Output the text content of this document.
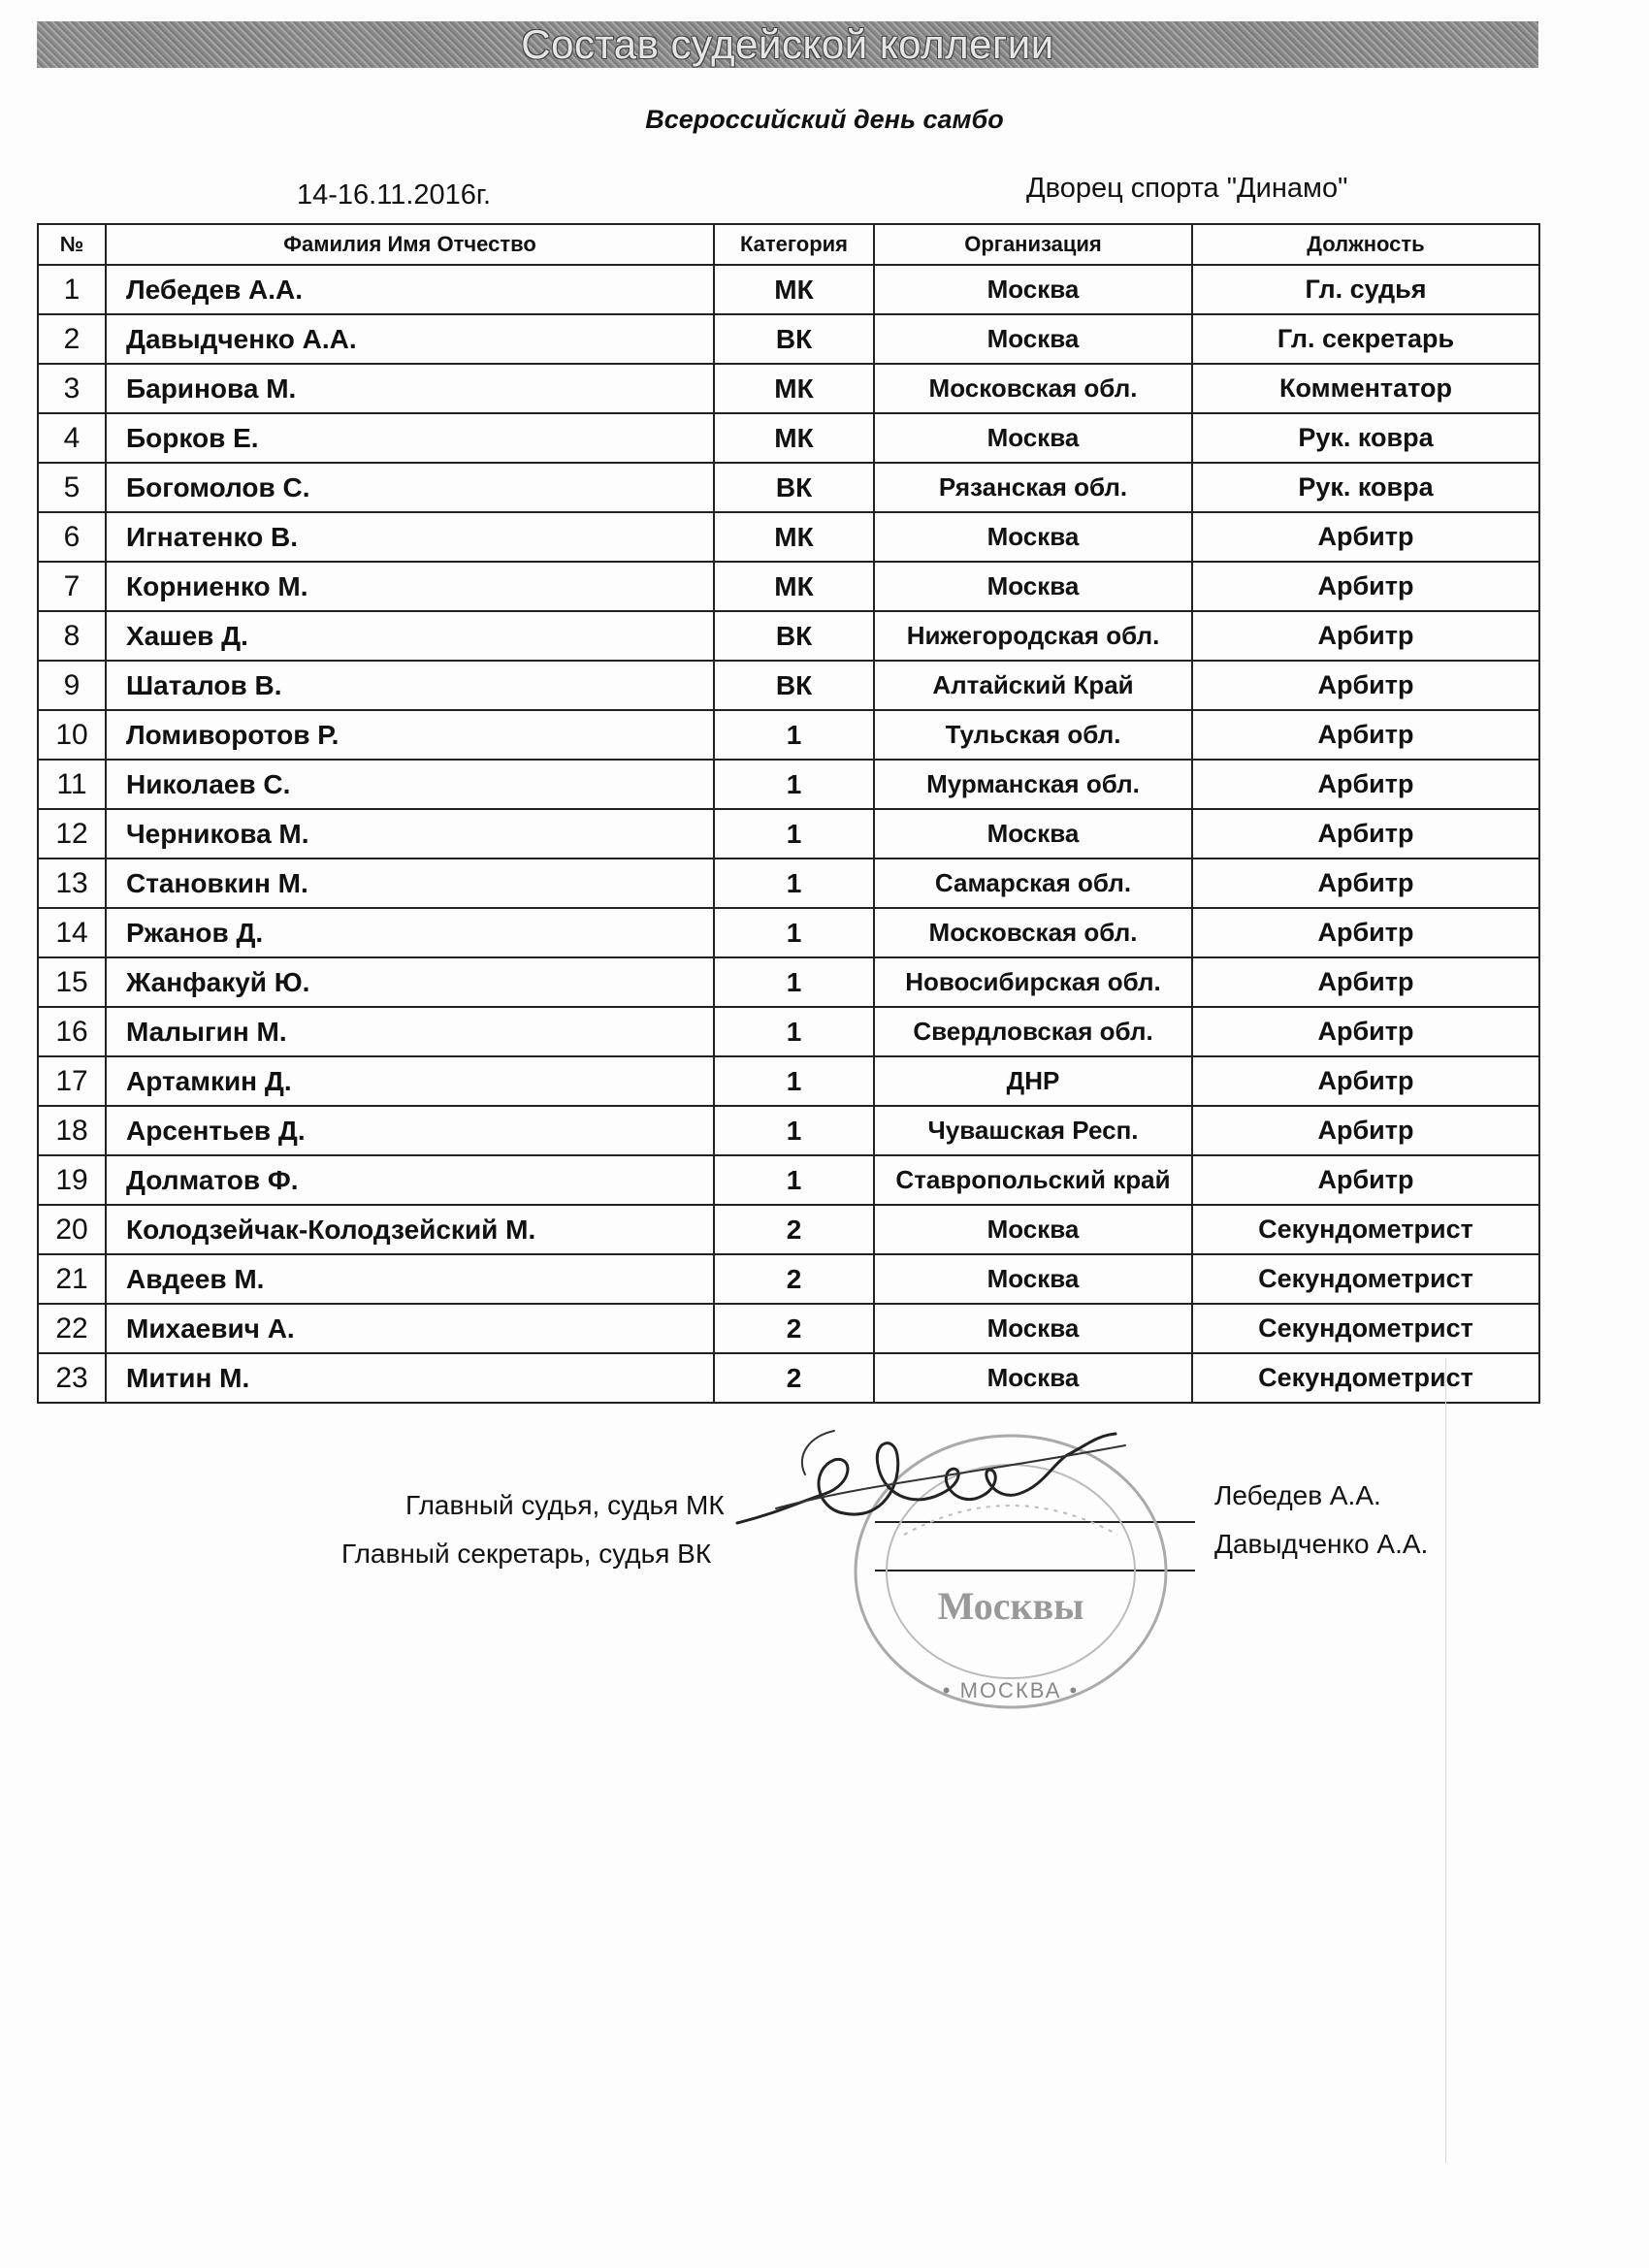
Состав судейской коллегии
Всероссийский день самбо
14-16.11.2016г.	Дворец спорта "Динамо"
№	Фамилия Имя Отчество	Категория	Организация	Должность
1	Лебедев А.А.	МК	Москва	Гл. судья
2	Давыдченко А.А.	ВК	Москва	Гл. секретарь
3	Баринова М.	МК	Московская обл.	Комментатор
4	Борков Е.	МК	Москва	Рук. ковра
5	Богомолов С.	ВК	Рязанская обл.	Рук. ковра
6	Игнатенко В.	МК	Москва	Арбитр
7	Корниенко М.	МК	Москва	Арбитр
8	Хашев Д.	ВК	Нижегородская обл.	Арбитр
9	Шаталов В.	ВК	Алтайский Край	Арбитр
10	Ломиворотов Р.	1	Тульская обл.	Арбитр
11	Николаев С.	1	Мурманская обл.	Арбитр
12	Черникова М.	1	Москва	Арбитр
13	Становкин М.	1	Самарская обл.	Арбитр
14	Ржанов Д.	1	Московская обл.	Арбитр
15	Жанфакуй Ю.	1	Новосибирская обл.	Арбитр
16	Малыгин М.	1	Свердловская обл.	Арбитр
17	Артамкин Д.	1	ДНР	Арбитр
18	Арсентьев Д.	1	Чувашская Респ.	Арбитр
19	Долматов Ф.	1	Ставропольский край	Арбитр
20	Колодзейчак-Колодзейский М.	2	Москва	Секундометрист
21	Авдеев М.	2	Москва	Секундометрист
22	Михаевич А.	2	Москва	Секундометрист
23	Митин М.	2	Москва	Секундометрист
Главный судья, судья МК	Лебедев А.А.
Главный секретарь, судья ВК	Давыдченко А.А.
Москвы
• МОСКВА •
